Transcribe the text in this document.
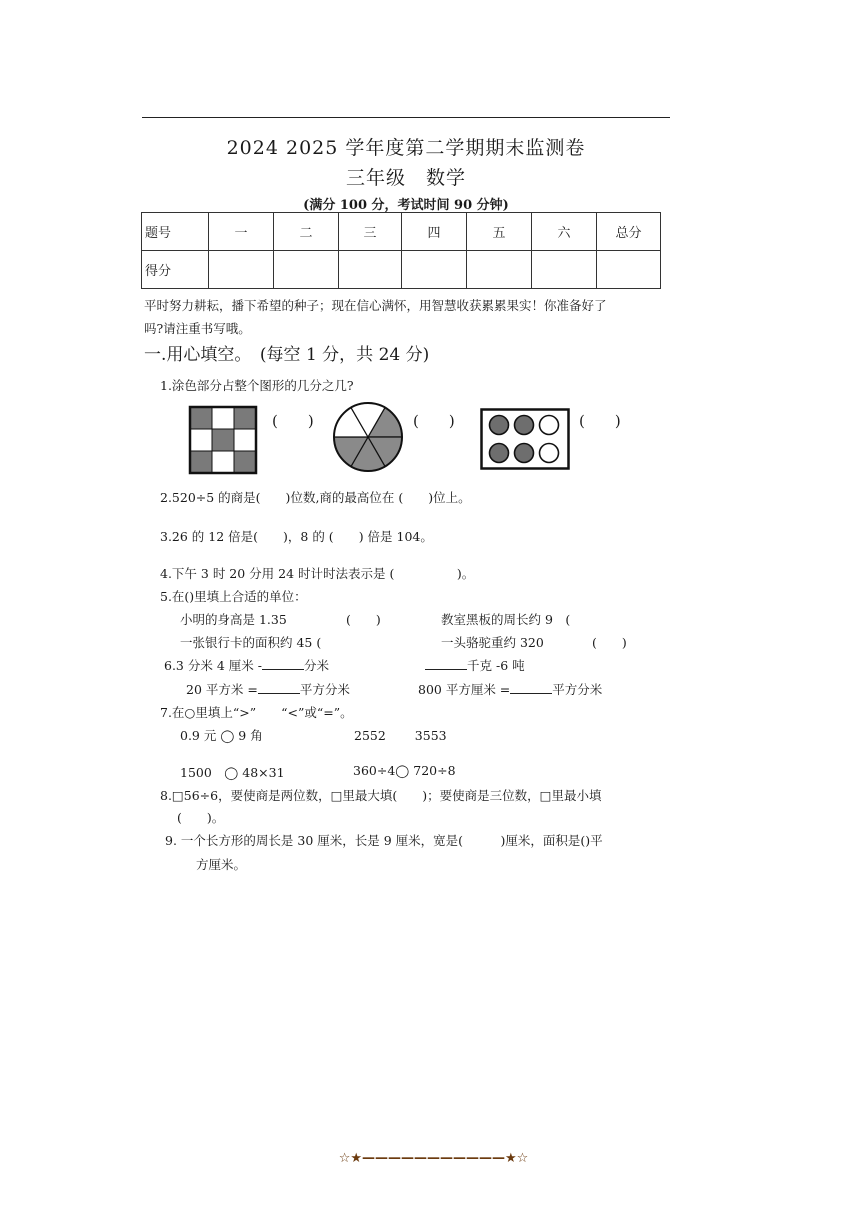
2024 2025 学年度第二学期期末监测卷
三年级　数学
(满分 100 分，考试时间 90 分钟)
题号	一	二	三	四	五	六	总分
得分							
平时努力耕耘，播下希望的种子；现在信心满怀，用智慧收获累累果实！你准备好了
吗?请注重书写哦。
一.用心填空。　(每空 1 分，共 24 分)
1.涂色部分占整个图形的几分之几?
(　　)	(　　)	(　　)
2.520÷5 的商是(　　)位数,商的最高位在 (　　)位上。
3.26 的 12 倍是(　　)，8 的 (　　) 倍是 104。
4.下午 3 时 20 分用 24 时计时法表示是 (　　　　　)。
5.在()里填上合适的单位：
小明的身高是 1.35	(　　)	教室黑板的周长约 9　(
一张银行卡的面积约 45 (	一头骆驼重约 320	(　　)
6.3 分米 4 厘米 -	分米	千克 -6 吨
20 平方米 =	平方分米	800 平方厘米 =	平方分米
7.在○里填上“>”　　“<”或“=”。
0.9 元 ◯ 9 角	2552　　 3553
1500　◯ 48×31	360÷4◯ 720÷8
8.□56÷6，要使商是两位数，□里最大填(　　)；要使商是三位数，□里最小填
(　　)。
9. 一个长方形的周长是 30 厘米，长是 9 厘米，宽是(　　　)厘米，面积是()平
方厘米。
☆★———————————★☆
